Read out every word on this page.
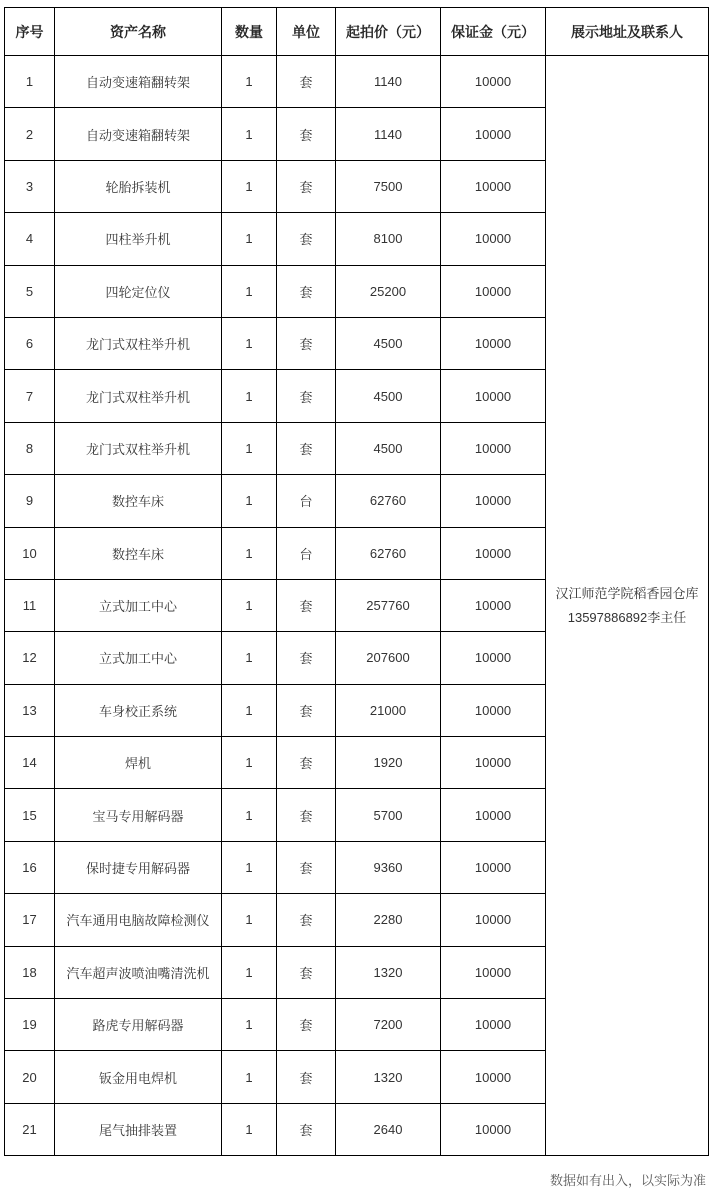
序号	资产名称	数量	单位	起拍价（元）	保证金（元）	展示地址及联系人
1	自动变速箱翻转架	1	套	1140	10000	汉江师范学院稻香园仓库
13597886892李主任

2	自动变速箱翻转架	1	套	1140	10000	
3	轮胎拆装机	1	套	7500	10000	
4	四柱举升机	1	套	8100	10000	
5	四轮定位仪	1	套	25200	10000	
6	龙门式双柱举升机	1	套	4500	10000	
7	龙门式双柱举升机	1	套	4500	10000	
8	龙门式双柱举升机	1	套	4500	10000	
9	数控车床	1	台	62760	10000	
10	数控车床	1	台	62760	10000	
11	立式加工中心	1	套	257760	10000	
12	立式加工中心	1	套	207600	10000	
13	车身校正系统	1	套	21000	10000	
14	焊机	1	套	1920	10000	
15	宝马专用解码器	1	套	5700	10000	
16	保时捷专用解码器	1	套	9360	10000	
17	汽车通用电脑故障检测仪	1	套	2280	10000	
18	汽车超声波喷油嘴清洗机	1	套	1320	10000	
19	路虎专用解码器	1	套	7200	10000	
20	钣金用电焊机	1	套	1320	10000	
21	尾气抽排装置	1	套	2640	10000	
数据如有出入，以实际为准
